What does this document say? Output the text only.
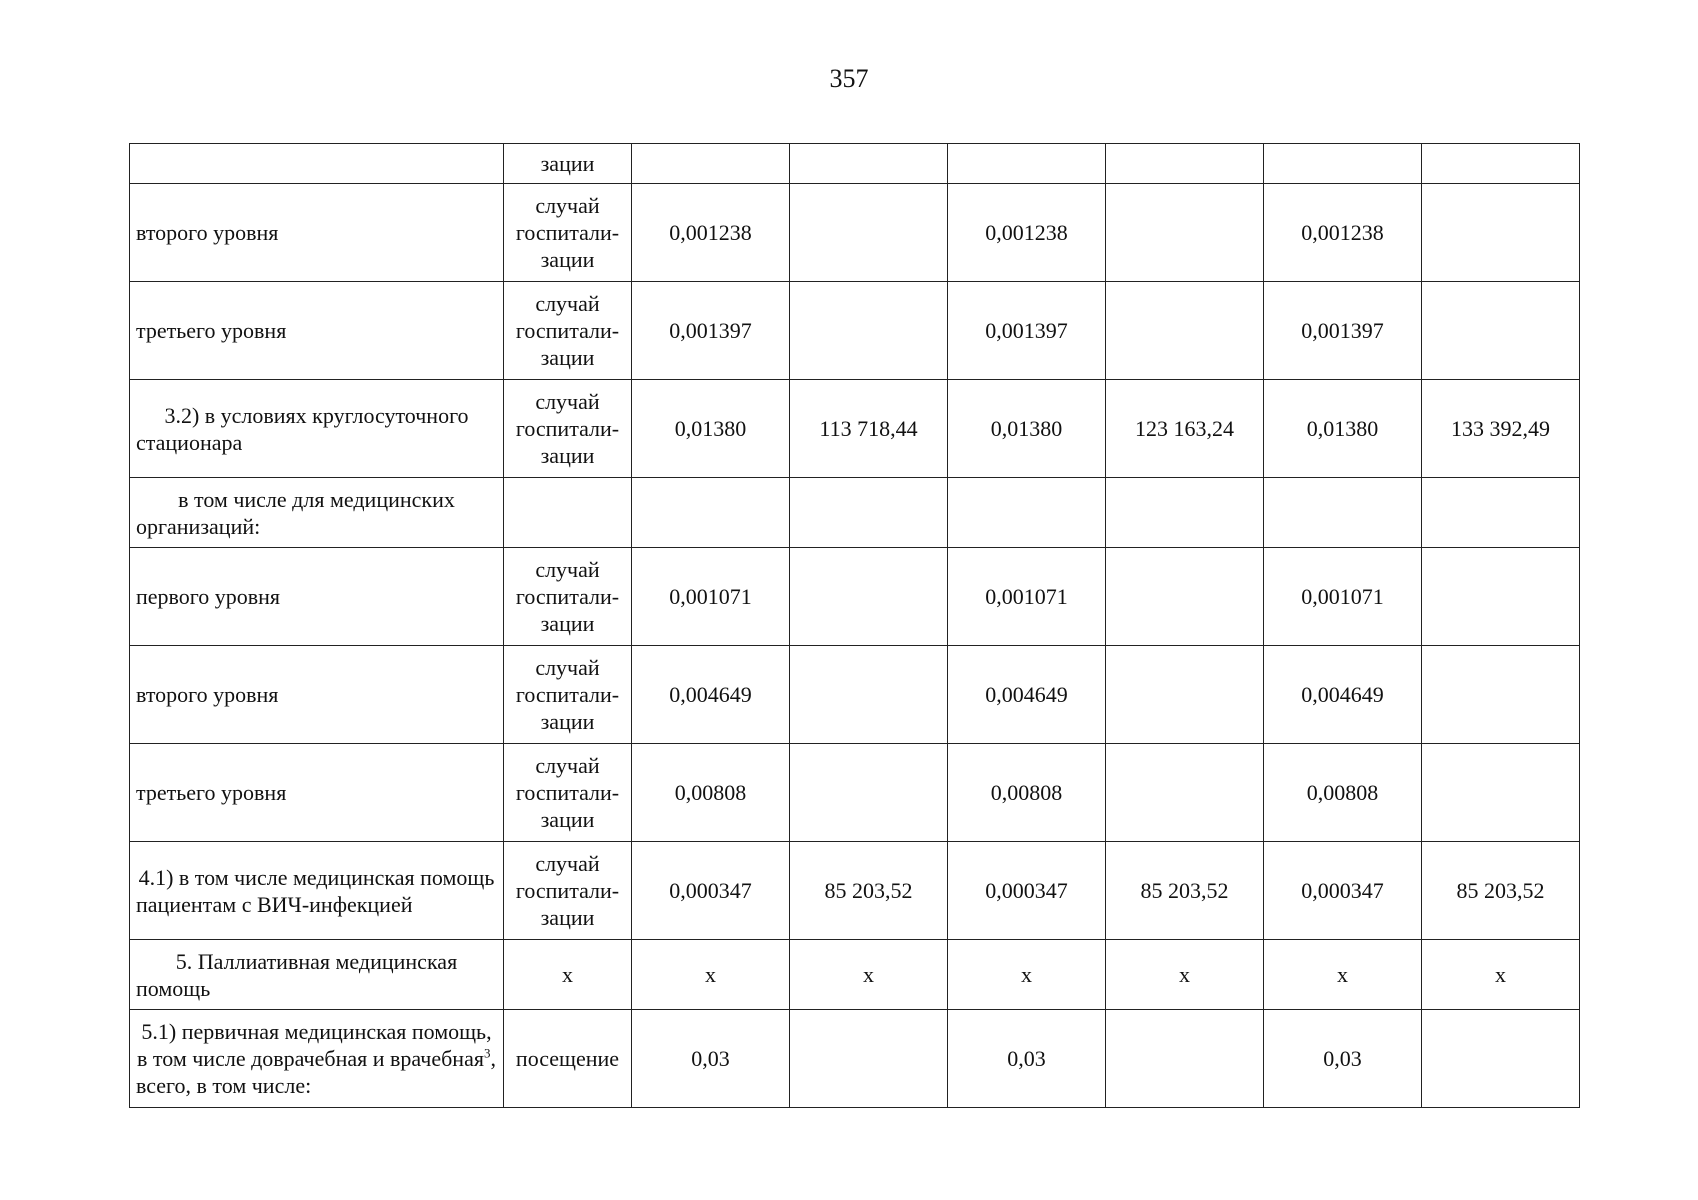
357
	зации						
второго уровня	случай госпитали-зации	0,001238		0,001238		0,001238	
третьего уровня	случай госпитали-зации	0,001397		0,001397		0,001397	
3.2) в условиях круглосуточного стационара	случай госпитали-зации	0,01380	113 718,44	0,01380	123 163,24	0,01380	133 392,49
в том числе для медицинских организаций:							
первого уровня	случай госпитали-зации	0,001071		0,001071		0,001071	
второго уровня	случай госпитали-зации	0,004649		0,004649		0,004649	
третьего уровня	случай госпитали-зации	0,00808		0,00808		0,00808	
4.1) в том числе медицинская помощь пациентам с ВИЧ-инфекцией	случай госпитали-зации	0,000347	85 203,52	0,000347	85 203,52	0,000347	85 203,52
5. Паллиативная медицинская помощь	х	х	х	х	х	х	х
5.1) первичная медицинская помощь, в том числе доврачебная и врачебная$^3$, всего, в том числе:	посещение	0,03		0,03		0,03	
